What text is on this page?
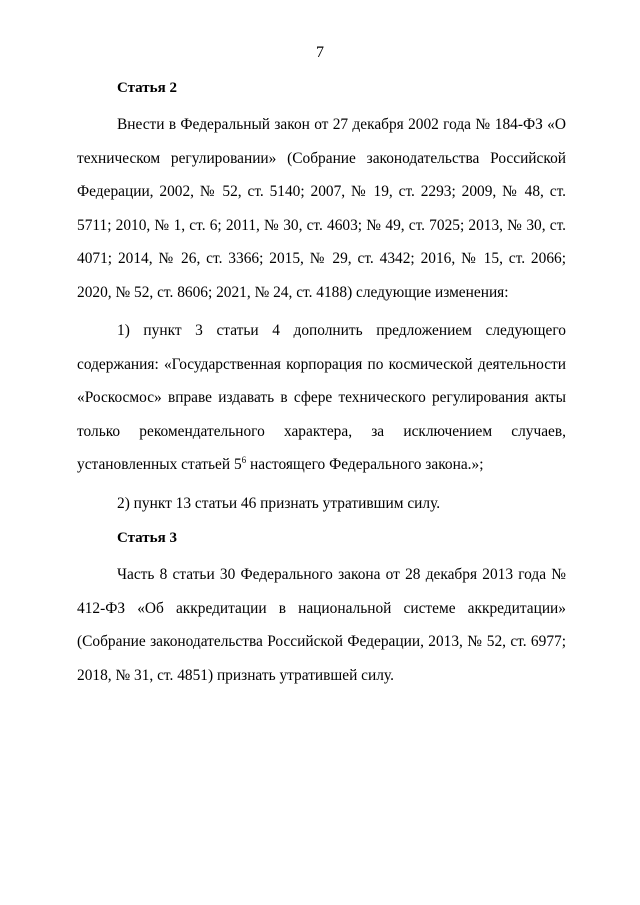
7
Статья 2

Внести в Федеральный закон от 27 декабря 2002 года № 184-ФЗ «О техническом регулировании» (Собрание законодательства Российской Федерации, 2002, № 52, ст. 5140; 2007, № 19, ст. 2293; 2009, № 48, ст. 5711; 2010, № 1, ст. 6; 2011, № 30, ст. 4603; № 49, ст. 7025; 2013, № 30, ст. 4071; 2014, № 26, ст. 3366; 2015, № 29, ст. 4342; 2016, № 15, ст. 2066; 2020, № 52, ст. 8606; 2021, № 24, ст. 4188) следующие изменения:

1) пункт 3 статьи 4 дополнить предложением следующего содержания: «Государственная корпорация по космической деятельности «Роскосмос» вправе издавать в сфере технического регулирования акты только рекомендательного характера, за исключением случаев, установленных статьей $5^6$ настоящего Федерального закона.»;

2) пункт 13 статьи 46 признать утратившим силу.

Статья 3

Часть 8 статьи 30 Федерального закона от 28 декабря 2013 года № 412-ФЗ «Об аккредитации в национальной системе аккредитации» (Собрание законодательства Российской Федерации, 2013, № 52, ст. 6977; 2018, № 31, ст. 4851) признать утратившей силу.
